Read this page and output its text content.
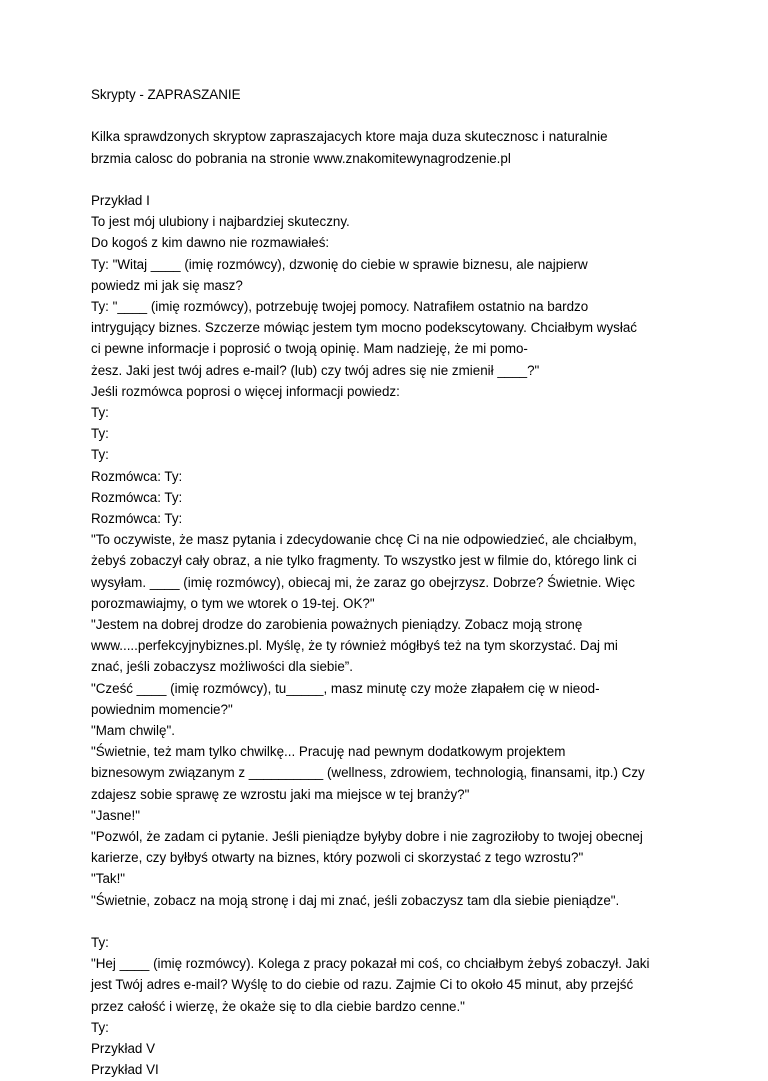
Skrypty - ZAPRASZANIE
Kilka sprawdzonych skryptow zapraszajacych ktore maja duza skutecznosc i naturalnie
brzmia calosc do pobrania na stronie www.znakomitewynagrodzenie.pl
Przykład I
To jest mój ulubiony i najbardziej skuteczny.
Do kogoś z kim dawno nie rozmawiałeś:
Ty: "Witaj ____ (imię rozmówcy), dzwonię do ciebie w sprawie biznesu, ale najpierw
powiedz mi jak się masz?
Ty: "____ (imię rozmówcy), potrzebuję twojej pomocy. Natrafiłem ostatnio na bardzo
intrygujący biznes. Szczerze mówiąc jestem tym mocno podekscytowany. Chciałbym wysłać
ci pewne informacje i poprosić o twoją opinię. Mam nadzieję, że mi pomo-
żesz. Jaki jest twój adres e-mail? (lub) czy twój adres się nie zmienił ____?"
Jeśli rozmówca poprosi o więcej informacji powiedz:
Ty:
Ty:
Ty:
Rozmówca: Ty:
Rozmówca: Ty:
Rozmówca: Ty:
"To oczywiste, że masz pytania i zdecydowanie chcę Ci na nie odpowiedzieć, ale chciałbym,
żebyś zobaczył cały obraz, a nie tylko fragmenty. To wszystko jest w filmie do, którego link ci
wysyłam. ____ (imię rozmówcy), obiecaj mi, że zaraz go obejrzysz. Dobrze? Świetnie. Więc
porozmawiajmy, o tym we wtorek o 19-tej. OK?"
"Jestem na dobrej drodze do zarobienia poważnych pieniądzy. Zobacz moją stronę
www.....perfekcyjnybiznes.pl. Myślę, że ty również mógłbyś też na tym skorzystać. Daj mi
znać, jeśli zobaczysz możliwości dla siebie”.
"Cześć ____ (imię rozmówcy), tu_____, masz minutę czy może złapałem cię w nieod-
powiednim momencie?"
"Mam chwilę".
"Świetnie, też mam tylko chwilkę... Pracuję nad pewnym dodatkowym projektem
biznesowym związanym z __________ (wellness, zdrowiem, technologią, finansami, itp.) Czy
zdajesz sobie sprawę ze wzrostu jaki ma miejsce w tej branży?"
"Jasne!"
"Pozwól, że zadam ci pytanie. Jeśli pieniądze byłyby dobre i nie zagroziłoby to twojej obecnej
karierze, czy byłbyś otwarty na biznes, który pozwoli ci skorzystać z tego wzrostu?"
"Tak!"
"Świetnie, zobacz na moją stronę i daj mi znać, jeśli zobaczysz tam dla siebie pieniądze".
Ty:
"Hej ____ (imię rozmówcy). Kolega z pracy pokazał mi coś, co chciałbym żebyś zobaczył. Jaki
jest Twój adres e-mail? Wyślę to do ciebie od razu. Zajmie Ci to około 45 minut, aby przejść
przez całość i wierzę, że okaże się to dla ciebie bardzo cenne."
Ty:
Przykład V
Przykład VI
